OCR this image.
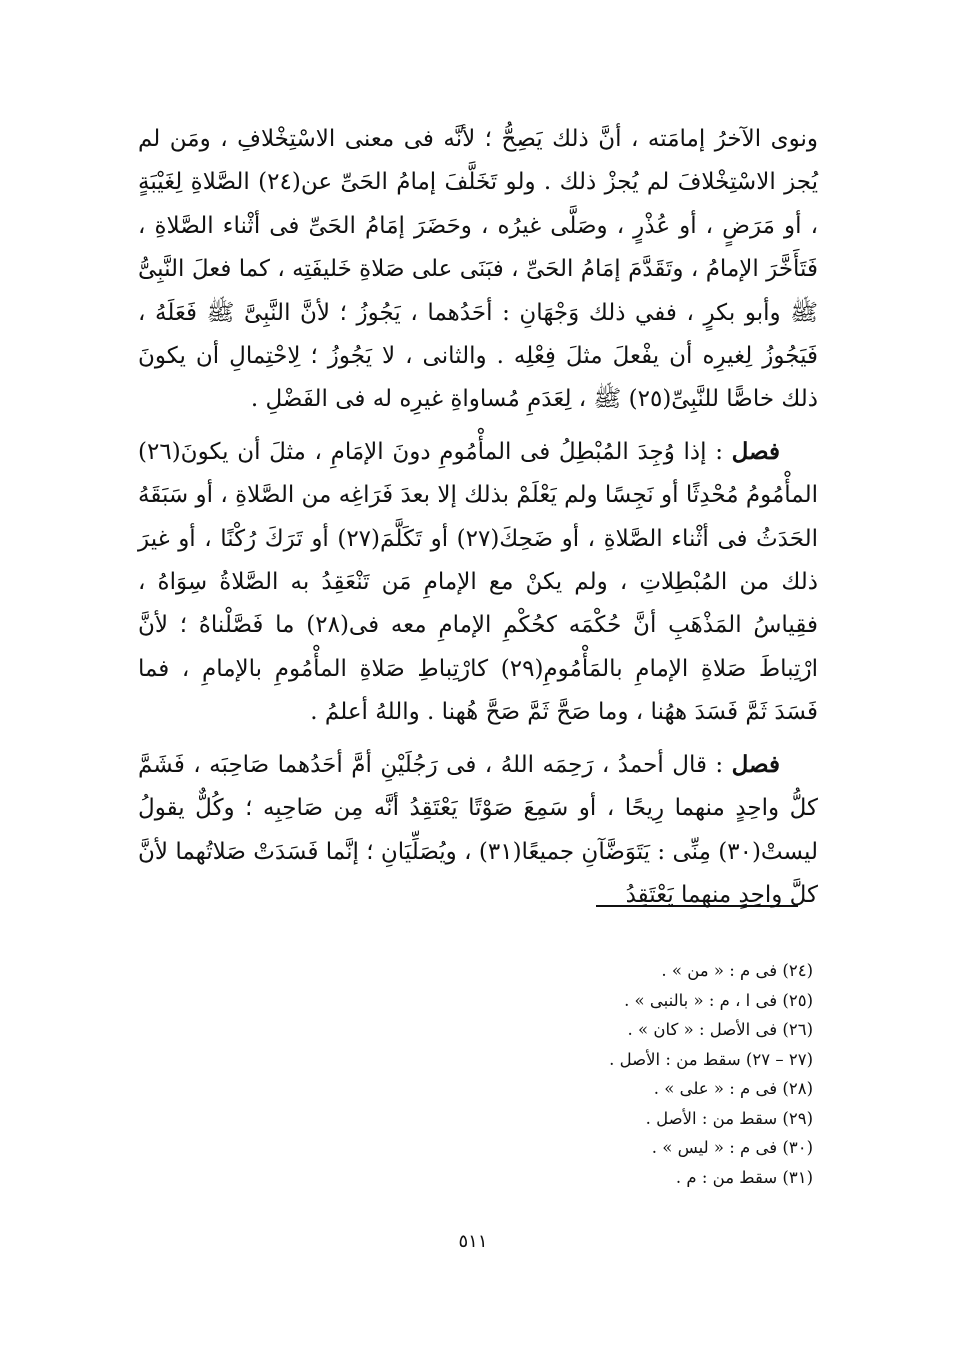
ونوى الآخرُ إمامَته ، أنَّ ذلك يَصِحُّ ؛ لأنَّه فى معنى الاسْتِخْلافِ ، ومَن لم يُجز الاسْتِخْلافَ لم يُجزْ ذلك . ولو تَخَلَّفَ إمامُ الحَىِّ عن(٢٤) الصَّلاةِ لِغَيْبَةٍ ، أو مَرَضٍ ، أو عُذْرٍ ، وصَلَّى غيرُه ، وحَضَرَ إمَامُ الحَىِّ فى أثْناء الصَّلاةِ ، فَتَأَخَّرَ الإمامُ ، وتَقَدَّمَ إمَامُ الحَىِّ ، فبَنَى على صَلاةِ خَليفَتِه ، كما فعلَ النَّبِىُّ ﷺ وأبو بكرٍ ، ففي ذلك وَجْهَانِ : أحَدُهما ، يَجُوزُ ؛ لأنَّ النَّبِىَّ ﷺ فَعَلَهُ ، فَيَجُوزُ لِغيرِه أن يفْعلَ مثلَ فِعْلِه . والثانى ، لا يَجُوزُ ؛ لِاحْتِمالِ أن يكونَ ذلك خاصًّا للنَّبِىِّ(٢٥) ﷺ ، لِعَدَمِ مُساواةِ غيرِه له فى الفَضْلِ .

فصل : إذا وُجِدَ المُبْطِلُ فى المأْمُومِ دونَ الإمَامِ ، مثلَ أن يكونَ(٢٦) المأْمُومُ مُحْدِثًا أو نَجِسًا ولم يَعْلَمْ بذلك إلا بعدَ فَرَاغِه من الصَّلاةِ ، أو سَبَقَهُ الحَدَثُ فى أثْناء الصَّلاةِ ، أو ضَحِكَ(٢٧) أو تَكَلَّمَ(٢٧) أو تَرَكَ رُكْنًا ، أو غيرَ ذلك من المُبْطِلاتِ ، ولم يكنْ مع الإمامِ مَن تَنْعَقِدُ به الصَّلاةُ سِوَاهُ ، فقِياسُ المَذْهَبِ أنَّ حُكْمَه كحُكْمِ الإمامِ معه فى(٢٨) ما فَصَّلْناهُ ؛ لأنَّ ارْتِباطَ صَلاةِ الإمامِ بالمَأْمُومِ(٢٩) كارْتِباطِ صَلاةِ المأْمُومِ بالإمامِ ، فما فَسَدَ ثَمَّ فَسَدَ ههُنا ، وما صَحَّ ثَمَّ صَحَّ هُهنا . واللهُ أعلمُ .

فصل : قال أحمدُ ، رَحِمَه اللهُ ، فى رَجُلَيْنِ أمَّ أحَدُهما صَاحِبَه ، فَشَمَّ كلُّ واحِدٍ منهما رِيحًا ، أو سَمِعَ صَوْتًا يَعْتَقِدُ أنَّه مِن صَاحِبِه ؛ وكُلٌّ يقولُ ليستْ(٣٠) مِنِّى : يَتَوَضَّآنِ جميعًا(٣١) ، ويُصَلِّيَانِ ؛ إنَّما فَسَدَتْ صَلاتُهما لأنَّ كلَّ واحِدٍ منهما يَعْتَقِدُ

(٢٤) فى م : « من » .
(٢٥) فى ا ، م : « بالنبى » .
(٢٦) فى الأصل : « كان » .
(٢٧ – ٢٧) سقط من : الأصل .
(٢٨) فى م : « على » .
(٢٩) سقط من : الأصل .
(٣٠) فى م : « ليس » .
(٣١) سقط من : م .
٥١١
